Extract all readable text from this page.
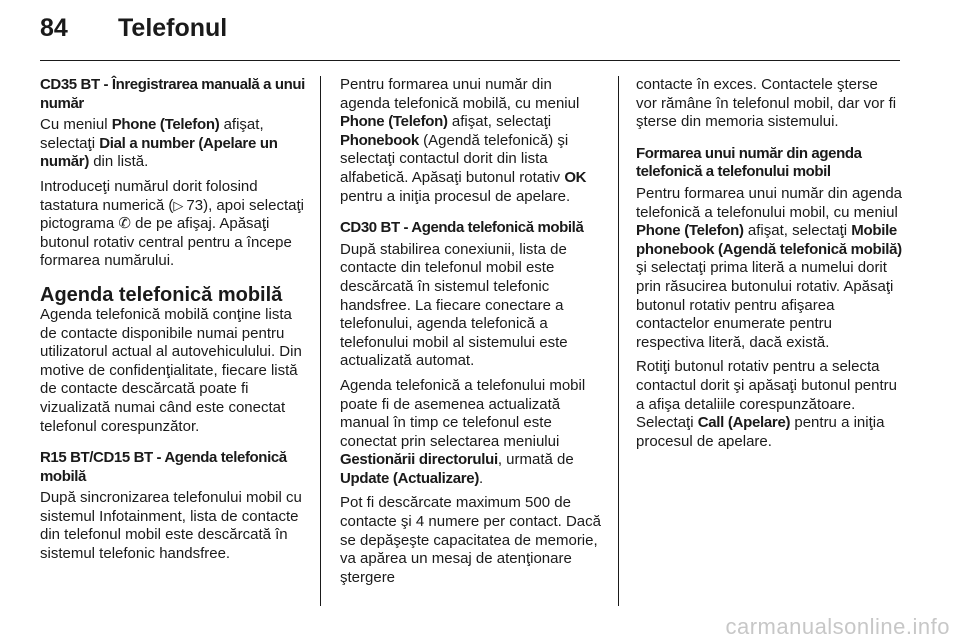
84 Telefonul
CD35 BT - Înregistrarea manuală a unui număr

Cu meniul Phone (Telefon) afişat, selectaţi Dial a number (Apelare un număr) din listă.

Introduceţi numărul dorit folosind tastatura numerică (▷  73), apoi selectaţi pictograma ✆ de pe afişaj. Apăsaţi butonul rotativ central pentru a începe formarea numărului.

Agenda telefonică mobilă

Agenda telefonică mobilă conţine lista de contacte disponibile numai pentru utilizatorul actual al autovehiculului. Din motive de confidenţialitate, fiecare listă de contacte descărcată poate fi vizualizată numai când este conectat telefonul corespunzător.

R15 BT/CD15 BT - Agenda telefonică mobilă

După sincronizarea telefonului mobil cu sistemul Infotainment, lista de contacte din telefonul mobil este descărcată în sistemul telefonic handsfree.

Pentru formarea unui număr din agenda telefonică mobilă, cu meniul Phone (Telefon) afişat, selectaţi Phonebook (Agendă telefonică) şi selectaţi contactul dorit din lista alfabetică. Apăsaţi butonul rotativ OK pentru a iniţia procesul de apelare.

CD30 BT - Agenda telefonică mobilă

După stabilirea conexiunii, lista de contacte din telefonul mobil este descărcată în sistemul telefonic handsfree. La fiecare conectare a telefonului, agenda telefonică a telefonului mobil al sistemului este actualizată automat.

Agenda telefonică a telefonului mobil poate fi de asemenea actualizată manual în timp ce telefonul este conectat prin selectarea meniului Gestionării directorului, urmată de Update (Actualizare).

Pot fi descărcate maximum 500 de contacte şi 4 numere per contact. Dacă se depăşeşte capacitatea de memorie, va apărea un mesaj de atenţionare ştergere

contacte în exces. Contactele şterse vor rămâne în telefonul mobil, dar vor fi şterse din memoria sistemului.

Formarea unui număr din agenda telefonică a telefonului mobil

Pentru formarea unui număr din agenda telefonică a telefonului mobil, cu meniul Phone (Telefon) afişat, selectaţi Mobile phonebook (Agendă telefonică mobilă) şi selectaţi prima literă a numelui dorit prin răsucirea butonului rotativ. Apăsaţi butonul rotativ pentru afişarea contactelor enumerate pentru respectiva literă, dacă există.

Rotiţi butonul rotativ pentru a selecta contactul dorit şi apăsaţi butonul pentru a afişa detaliile corespunzătoare. Selectaţi Call (Apelare) pentru a iniţia procesul de apelare.

carmanualsonline.info
